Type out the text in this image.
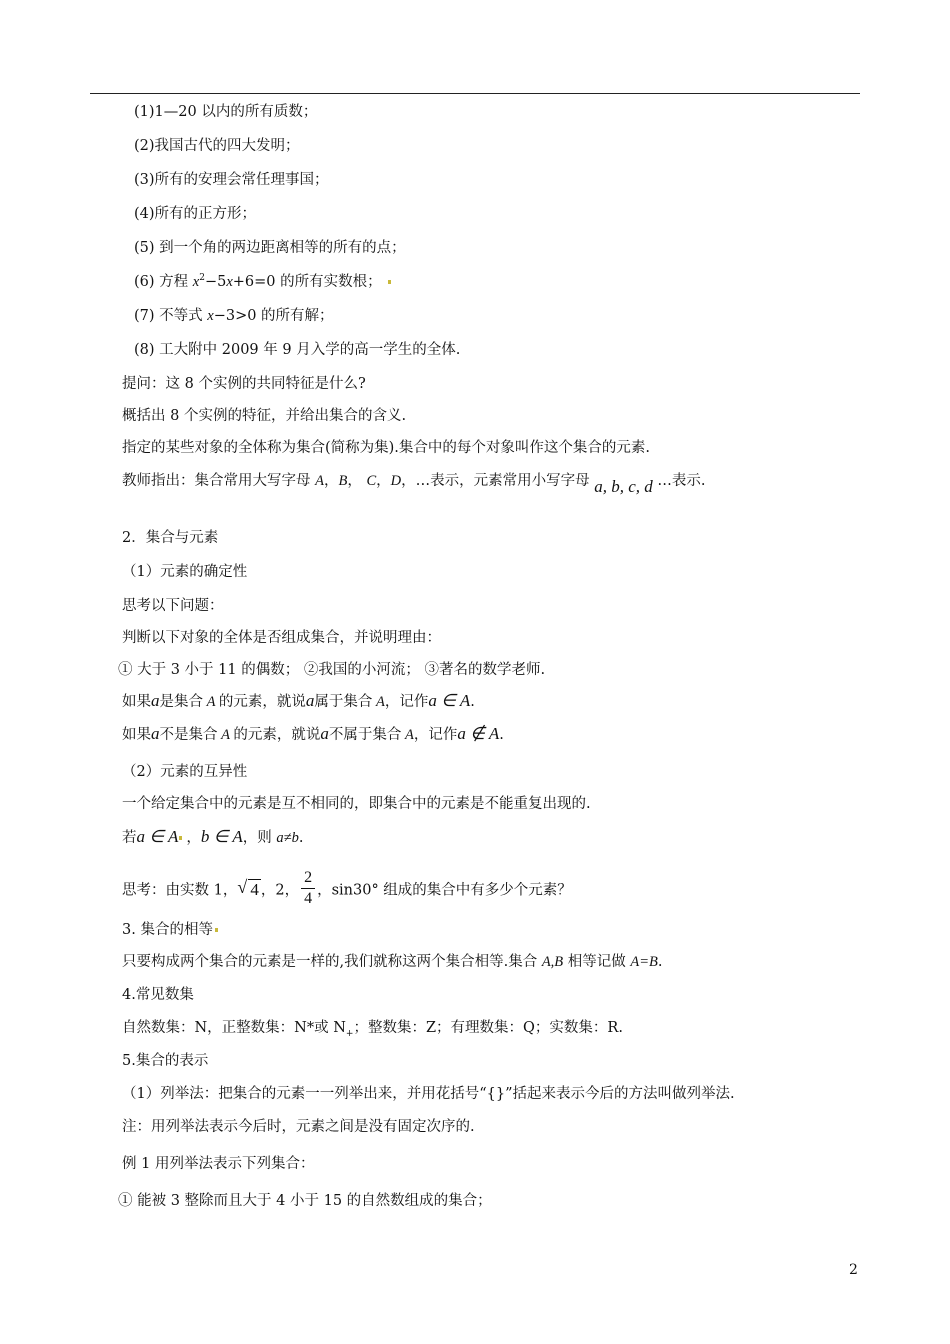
(1)1—20 以内的所有质数；
(2)我国古代的四大发明；
(3)所有的安理会常任理事国；
(4)所有的正方形；
(5) 到一个角的两边距离相等的所有的点；
(6) 方程 $x^2-5x+6=0$ 的所有实数根；
(7) 不等式 x−3>0 的所有解；
(8) 工大附中 2009 年 9 月入学的高一学生的全体.
提问：这 8 个实例的共同特征是什么?
概括出 8 个实例的特征，并给出集合的含义.
指定的某些对象的全体称为集合(简称为集).集合中的每个对象叫作这个集合的元素.
教师指出：集合常用大写字母 A，B， C，D，…表示，元素常用小写字母 a, b, c, d …表示.
2．集合与元素
（1）元素的确定性
思考以下问题：
判断以下对象的全体是否组成集合，并说明理由：
① 大于 3 小于 11 的偶数； ②我国的小河流； ③著名的数学老师.
如果a是集合 A 的元素，就说a属于集合 A，记作a ∈ A.
如果a不是集合 A 的元素，就说a不属于集合 A，记作a ∉ A.
（2）元素的互异性
一个给定集合中的元素是互不相同的，即集合中的元素是不能重复出现的.
若a ∈ A ，b ∈ A，则 a≠b.
思考：由实数 1， √ 4 ，2， $\frac{2}{4}$ ，sin30° 组成的集合中有多少个元素？
3. 集合的相等
只要构成两个集合的元素是一样的,我们就称这两个集合相等.集合 A,B 相等记做 A=B.
4.常见数集
自然数集：N，正整数集：N*或 $N_+$；整数集：Z；有理数集：Q；实数集：R.
5.集合的表示
（1）列举法：把集合的元素一一列举出来，并用花括号“{}”括起来表示今后的方法叫做列举法.
注：用列举法表示今后时，元素之间是没有固定次序的.
例 1 用列举法表示下列集合：
① 能被 3 整除而且大于 4 小于 15 的自然数组成的集合；
2
